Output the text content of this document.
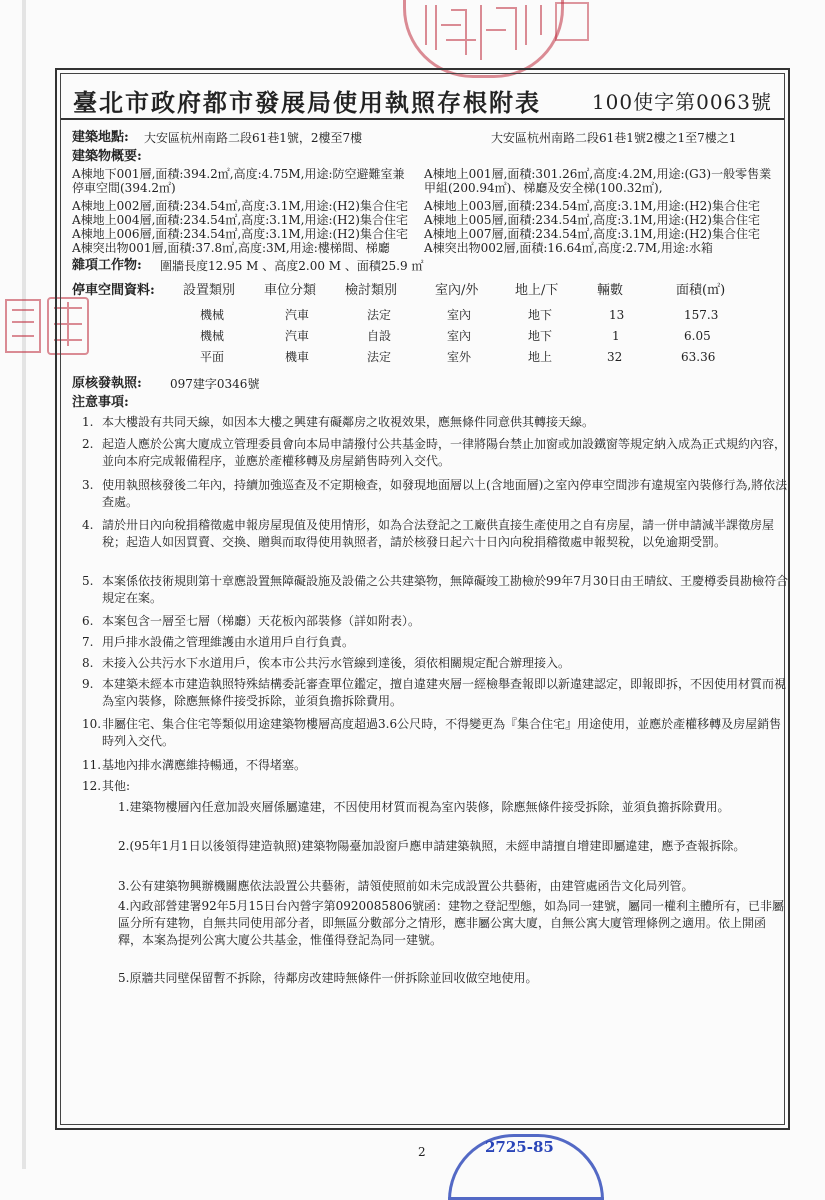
臺北市政府都市發展局使用執照存根附表	100使字第0063號
建築地點: 大安區杭州南路二段61巷1號，2樓至7樓	大安區杭州南路二段61巷1號2樓之1至7樓之1
建築物概要:
A棟地下001層,面積:394.2㎡,高度:4.75M,用途:防空避難室兼
停車空間(394.2㎡)
A棟地上002層,面積:234.54㎡,高度:3.1M,用途:(H2)集合住宅
A棟地上004層,面積:234.54㎡,高度:3.1M,用途:(H2)集合住宅
A棟地上006層,面積:234.54㎡,高度:3.1M,用途:(H2)集合住宅
A棟突出物001層,面積:37.8㎡,高度:3M,用途:樓梯間、梯廳
A棟地上001層,面積:301.26㎡,高度:4.2M,用途:(G3)一般零售業
甲組(200.94㎡)、梯廳及安全梯(100.32㎡),
A棟地上003層,面積:234.54㎡,高度:3.1M,用途:(H2)集合住宅
A棟地上005層,面積:234.54㎡,高度:3.1M,用途:(H2)集合住宅
A棟地上007層,面積:234.54㎡,高度:3.1M,用途:(H2)集合住宅
A棟突出物002層,面積:16.64㎡,高度:2.7M,用途:水箱
雜項工作物: 圍牆長度12.95 M 、高度2.00 M 、面積25.9 ㎡
停車空間資料: 設置類別 車位分類 檢討類別	室內/外	地上/下	輛數	面積(㎡)
機械	汽車	法定	室內	地下	13	157.3
機械	汽車	自設	室內	地下	1	6.05
平面	機車	法定	室外	地上	32	63.36
原核發執照: 097建字0346號
注意事項:
1. 本大樓設有共同天線，如因本大樓之興建有礙鄰房之收視效果，應無條件同意供其轉接天線。
2. 起造人應於公寓大廈成立管理委員會向本局申請撥付公共基金時，一律將陽台禁止加窗或加設鐵窗等規定納入成為正式規約內容，並向本府完成報備程序，並應於產權移轉及房屋銷售時列入交代。
3. 使用執照核發後二年內，持續加強巡查及不定期檢查，如發現地面層以上(含地面層)之室內停車空間涉有違規室內裝修行為,將依法查處。
4. 請於卅日內向稅捐稽徵處申報房屋現值及使用情形，如為合法登記之工廠供直接生產使用之自有房屋，請一併申請減半課徵房屋稅；起造人如因買賣、交換、贈與而取得使用執照者，請於核發日起六十日內向稅捐稽徵處申報契稅，以免逾期受罰。
5. 本案係依技術規則第十章應設置無障礙設施及設備之公共建築物，無障礙竣工勘檢於99年7月30日由王晴紋、王慶樽委員勘檢符合規定在案。
6. 本案包含一層至七層（梯廳）天花板內部裝修（詳如附表）。
7. 用戶排水設備之管理維護由水道用戶自行負責。
8. 未接入公共污水下水道用戶，俟本市公共污水管線到達後，須依相關規定配合辦理接入。
9. 本建築未經本市建造執照特殊結構委託審查單位鑑定，擅自違建夾層一經檢舉查報即以新違建認定，即報即拆，不因使用材質而視為室內裝修，除應無條件接受拆除，並須負擔拆除費用。
10. 非屬住宅、集合住宅等類似用途建築物樓層高度超過3.6公尺時，不得變更為『集合住宅』用途使用，並應於產權移轉及房屋銷售時列入交代。
11. 基地內排水溝應維持暢通，不得堵塞。
12. 其他:
1.建築物樓層內任意加設夾層係屬違建，不因使用材質而視為室內裝修，除應無條件接受拆除，並須負擔拆除費用。
2.(95年1月1日以後領得建造執照)建築物陽臺加設窗戶應申請建築執照，未經申請擅自增建即屬違建，應予查報拆除。
3.公有建築物興辦機關應依法設置公共藝術，請領使照前如未完成設置公共藝術，由建管處函告文化局列管。
4.內政部營建署92年5月15日台內營字第0920085806號函：建物之登記型態，如為同一建號，屬同一權利主體所有，已非屬區分所有建物，自無共同使用部分者，即無區分數部分之情形，應非屬公寓大廈，自無公寓大廈管理條例之適用。依上開函釋，本案為提列公寓大廈公共基金，惟僅得登記為同一建號。
5.原牆共同壁保留暫不拆除，待鄰房改建時無條件一併拆除並回收做空地使用。
2	2725-85
